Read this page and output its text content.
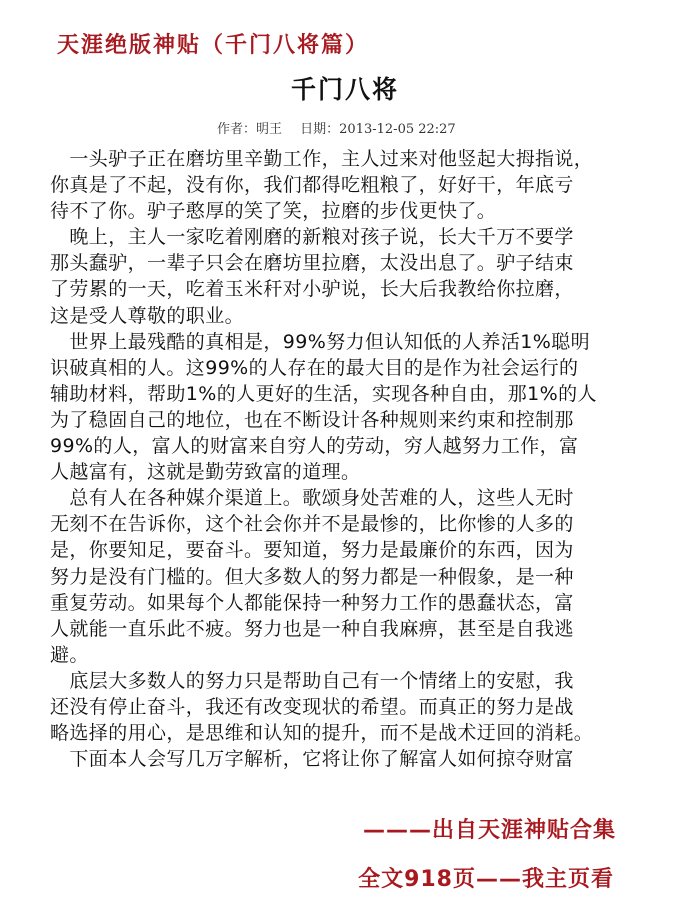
天涯绝版神贴（千门八将篇）
千门八将
作者：明王 日期：2013-12-05 22:27
　一头驴子正在磨坊里辛勤工作，主人过来对他竖起大拇指说，
你真是了不起，没有你，我们都得吃粗粮了，好好干，年底亏
待不了你。驴子憨厚的笑了笑，拉磨的步伐更快了。
　晚上，主人一家吃着刚磨的新粮对孩子说，长大千万不要学
那头蠢驴，一辈子只会在磨坊里拉磨，太没出息了。驴子结束
了劳累的一天，吃着玉米秆对小驴说，长大后我教给你拉磨，
这是受人尊敬的职业。
　世界上最残酷的真相是，99%努力但认知低的人养活1%聪明
识破真相的人。这99%的人存在的最大目的是作为社会运行的
辅助材料，帮助1%的人更好的生活，实现各种自由，那1%的人
为了稳固自己的地位，也在不断设计各种规则来约束和控制那
99%的人，富人的财富来自穷人的劳动，穷人越努力工作，富
人越富有，这就是勤劳致富的道理。
　总有人在各种媒介渠道上。歌颂身处苦难的人，这些人无时
无刻不在告诉你，这个社会你并不是最惨的，比你惨的人多的
是，你要知足，要奋斗。要知道，努力是最廉价的东西，因为
努力是没有门槛的。但大多数人的努力都是一种假象，是一种
重复劳动。如果每个人都能保持一种努力工作的愚蠢状态，富
人就能一直乐此不疲。努力也是一种自我麻痹，甚至是自我逃
避。
　底层大多数人的努力只是帮助自己有一个情绪上的安慰，我
还没有停止奋斗，我还有改变现状的希望。而真正的努力是战
略选择的用心，是思维和认知的提升，而不是战术迂回的消耗。
　下面本人会写几万字解析，它将让你了解富人如何掠夺财富
———出自天涯神贴合集
全文918页——我主页看
